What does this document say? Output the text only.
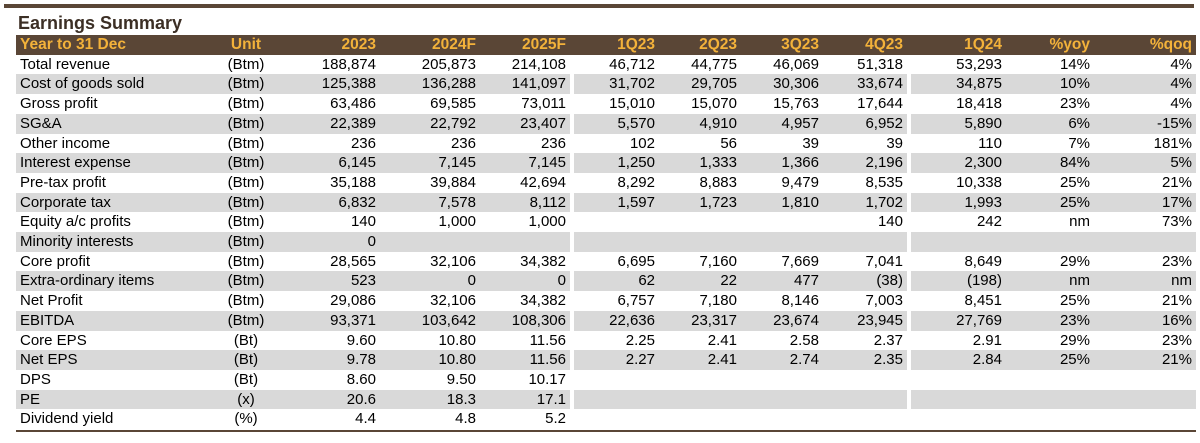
Earnings Summary
Year to 31 Dec	Unit	2023	2024F	2025F		1Q23	2Q23	3Q23	4Q23		1Q24	%yoy	%qoq
Total revenue	(Btm)	188,874	205,873	214,108		46,712	44,775	46,069	51,318		53,293	14%	4%
Cost of goods sold	(Btm)	125,388	136,288	141,097		31,702	29,705	30,306	33,674		34,875	10%	4%
Gross profit	(Btm)	63,486	69,585	73,011		15,010	15,070	15,763	17,644		18,418	23%	4%
SG&A	(Btm)	22,389	22,792	23,407		5,570	4,910	4,957	6,952		5,890	6%	-15%
Other income	(Btm)	236	236	236		102	56	39	39		110	7%	181%
Interest expense	(Btm)	6,145	7,145	7,145		1,250	1,333	1,366	2,196		2,300	84%	5%
Pre-tax profit	(Btm)	35,188	39,884	42,694		8,292	8,883	9,479	8,535		10,338	25%	21%
Corporate tax	(Btm)	6,832	7,578	8,112		1,597	1,723	1,810	1,702		1,993	25%	17%
Equity a/c profits	(Btm)	140	1,000	1,000					140		242	nm	73%
Minority interests	(Btm)	0											
Core profit	(Btm)	28,565	32,106	34,382		6,695	7,160	7,669	7,041		8,649	29%	23%
Extra-ordinary items	(Btm)	523	0	0		62	22	477	(38)		(198)	nm	nm
Net Profit	(Btm)	29,086	32,106	34,382		6,757	7,180	8,146	7,003		8,451	25%	21%
EBITDA	(Btm)	93,371	103,642	108,306		22,636	23,317	23,674	23,945		27,769	23%	16%
Core EPS	(Bt)	9.60	10.80	11.56		2.25	2.41	2.58	2.37		2.91	29%	23%
Net EPS	(Bt)	9.78	10.80	11.56		2.27	2.41	2.74	2.35		2.84	25%	21%
DPS	(Bt)	8.60	9.50	10.17									
PE	(x)	20.6	18.3	17.1									
Dividend yield	(%)	4.4	4.8	5.2									
